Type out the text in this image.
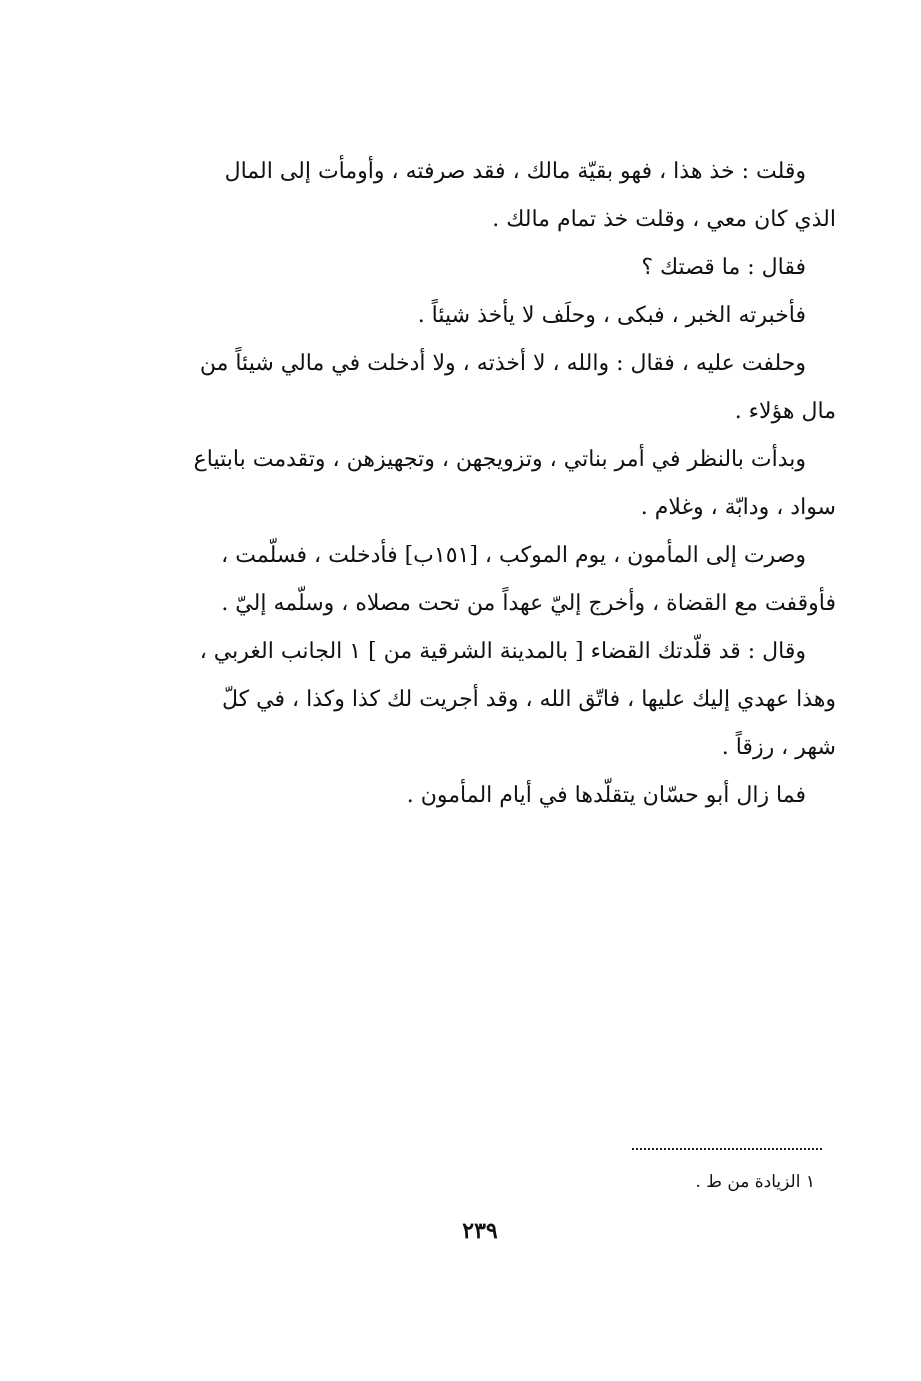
وقلت : خذ هذا ، فهو بقيّة مالك ، فقد صرفته ، وأومأت إلى المال
الذي كان معي ، وقلت خذ تمام مالك .
فقال : ما قصتك ؟
فأخبرته الخبر ، فبكى ، وحلَف لا يأخذ شيئاً .
وحلفت عليه ، فقال : والله ، لا أخذته ، ولا أدخلت في مالي شيئاً من
مال هؤلاء .
وبدأت بالنظر في أمر بناتي ، وتزويجهن ، وتجهيزهن ، وتقدمت بابتياع
سواد ، ودابّة ، وغلام .
وصرت إلى المأمون ، يوم الموكب ، [١٥١ب] فأدخلت ، فسلّمت ،
فأوقفت مع القضاة ، وأخرج إليّ عهداً من تحت مصلاه ، وسلّمه إليّ .
وقال : قد قلّدتك القضاء [ بالمدينة الشرقية من ] ١ الجانب الغربي ،
وهذا عهدي إليك عليها ، فاتّق الله ، وقد أجريت لك كذا وكذا ، في كلّ
شهر ، رزقاً .
فما زال أبو حسّان يتقلّدها في أيام المأمون .
١ الزيادة من ط .
٢٣٩
